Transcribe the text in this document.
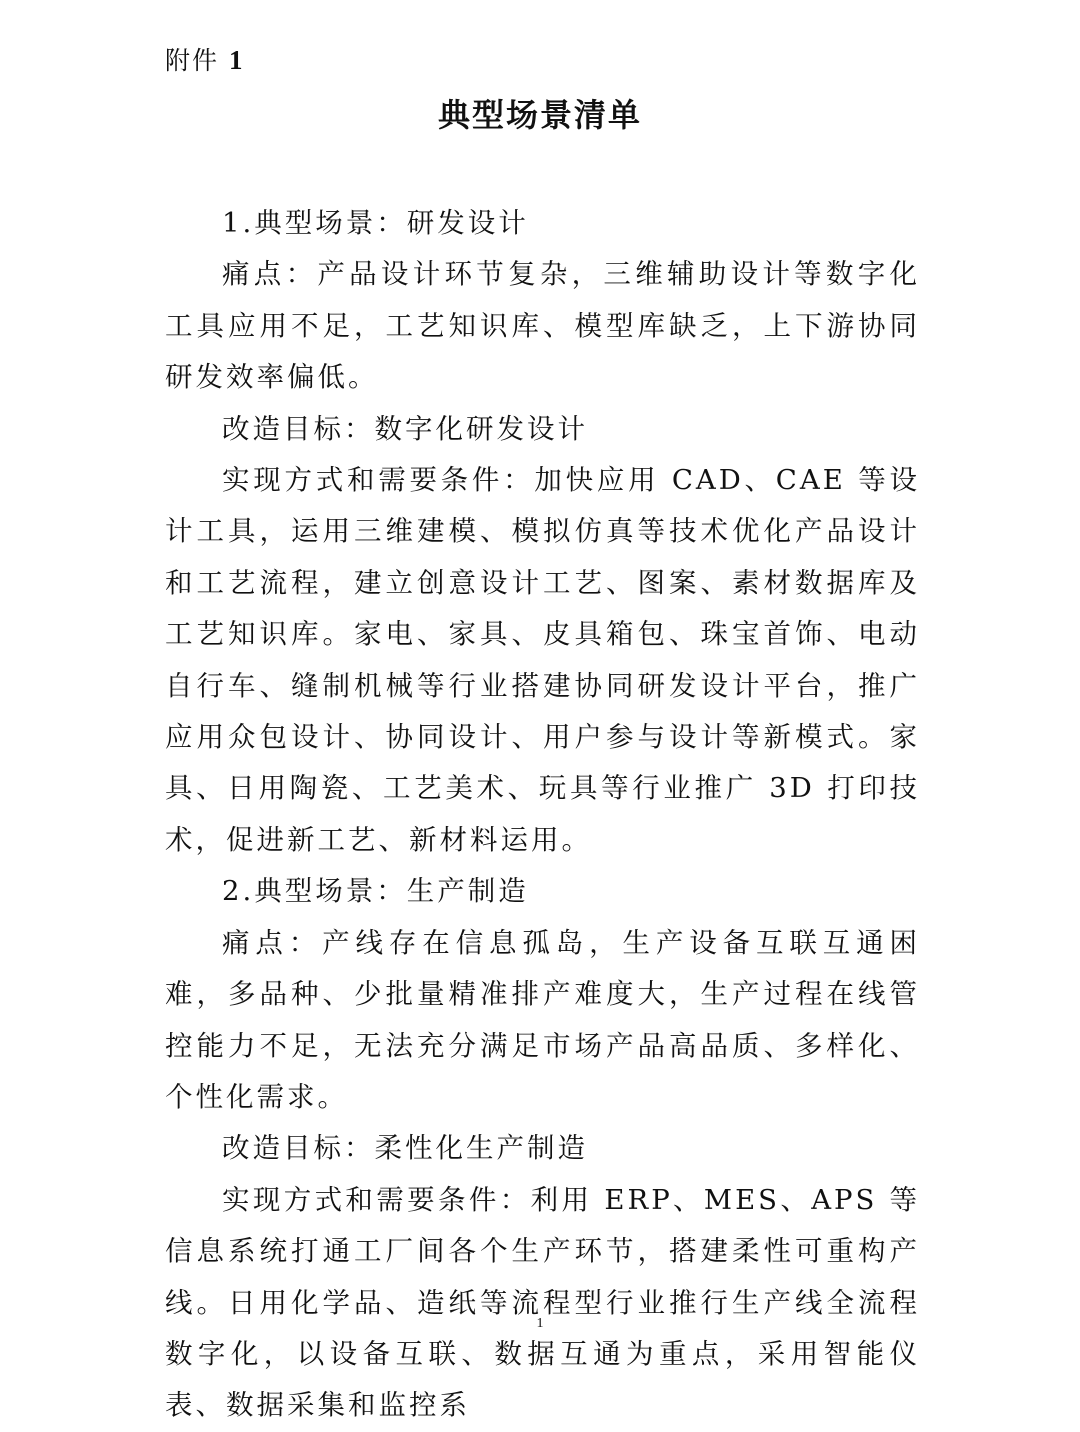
附件 1
典型场景清单

1.典型场景：研发设计

痛点：产品设计环节复杂，三维辅助设计等数字化工具应用不足，工艺知识库、模型库缺乏，上下游协同研发效率偏低。

改造目标：数字化研发设计

实现方式和需要条件：加快应用 CAD、CAE 等设计工具，运用三维建模、模拟仿真等技术优化产品设计和工艺流程，建立创意设计工艺、图案、素材数据库及工艺知识库。家电、家具、皮具箱包、珠宝首饰、电动自行车、缝制机械等行业搭建协同研发设计平台，推广应用众包设计、协同设计、用户参与设计等新模式。家具、日用陶瓷、工艺美术、玩具等行业推广 3D 打印技术，促进新工艺、新材料运用。

2.典型场景：生产制造

痛点：产线存在信息孤岛，生产设备互联互通困难，多品种、少批量精准排产难度大，生产过程在线管控能力不足，无法充分满足市场产品高品质、多样化、个性化需求。

改造目标：柔性化生产制造

实现方式和需要条件：利用 ERP、MES、APS 等信息系统打通工厂间各个生产环节，搭建柔性可重构产线。日用化学品、造纸等流程型行业推行生产线全流程数字化，以设备互联、数据互通为重点，采用智能仪表、数据采集和监控系

1
